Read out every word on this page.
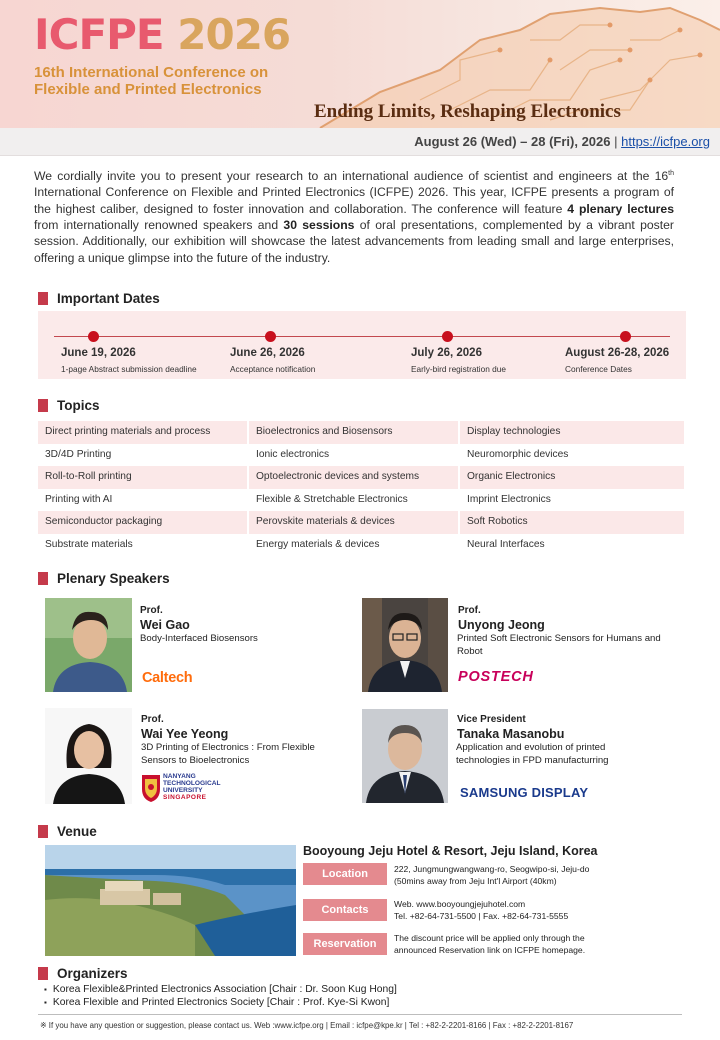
ICFPE 2026
16th International Conference on
Flexible and Printed Electronics
Ending Limits, Reshaping Electronics
August 26 (Wed) – 28 (Fri), 2026 | https://icfpe.org
We cordially invite you to present your research to an international audience of scientist and engineers at the 16th International Conference on Flexible and Printed Electronics (ICFPE) 2026. This year, ICFPE presents a program of the highest caliber, designed to foster innovation and collaboration. The conference will feature 4 plenary lectures from internationally renowned speakers and 30 sessions of oral presentations, complemented by a vibrant poster session. Additionally, our exhibition will showcase the latest advancements from leading small and large enterprises, offering a unique glimpse into the future of the industry.
Important Dates
June 19, 2026
1-page Abstract submission deadline
June 26, 2026
Acceptance notification
July 26, 2026
Early-bird registration due
August 26-28, 2026
Conference Dates
Topics
Direct printing materials and process	Bioelectronics and Biosensors	Display technologies
3D/4D Printing	Ionic electronics	Neuromorphic devices
Roll-to-Roll printing	Optoelectronic devices and systems	Organic Electronics
Printing with AI	Flexible & Stretchable Electronics	Imprint Electronics
Semiconductor packaging	Perovskite materials & devices	Soft Robotics
Substrate materials	Energy materials & devices	Neural Interfaces
Plenary Speakers
Prof.
Wei Gao
Body-Interfaced Biosensors
Caltech
Prof.
Unyong Jeong
Printed Soft Electronic Sensors for Humans and Robot
POSTECH
Prof.
Wai Yee Yeong
3D Printing of Electronics : From Flexible Sensors to Bioelectronics
NANYANG
TECHNOLOGICAL
UNIVERSITY
SINGAPORE
Vice President
Tanaka Masanobu
Application and evolution of printed technologies in FPD manufacturring
SAMSUNG DISPLAY
Venue
Booyoung Jeju Hotel & Resort, Jeju Island, Korea
Location	222, Jungmungwangwang-ro, Seogwipo-si, Jeju-do
(50mins away from Jeju Int'l Airport (40km)
Contacts	Web. www.booyoungjejuhotel.com
Tel. +82-64-731-5500 | Fax. +82-64-731-5555
Reservation	The discount price will be applied only through the
announced Reservation link on ICFPE homepage.
Organizers
▪ Korea Flexible&Printed Electronics Association [Chair : Dr. Soon Kug Hong]
▪ Korea Flexible and Printed Electronics Society [Chair : Prof. Kye-Si Kwon]
※ If you have any question or suggestion, please contact us. Web :www.icfpe.org | Email : icfpe@kpe.kr | Tel : +82-2-2201-8166 | Fax : +82-2-2201-8167
